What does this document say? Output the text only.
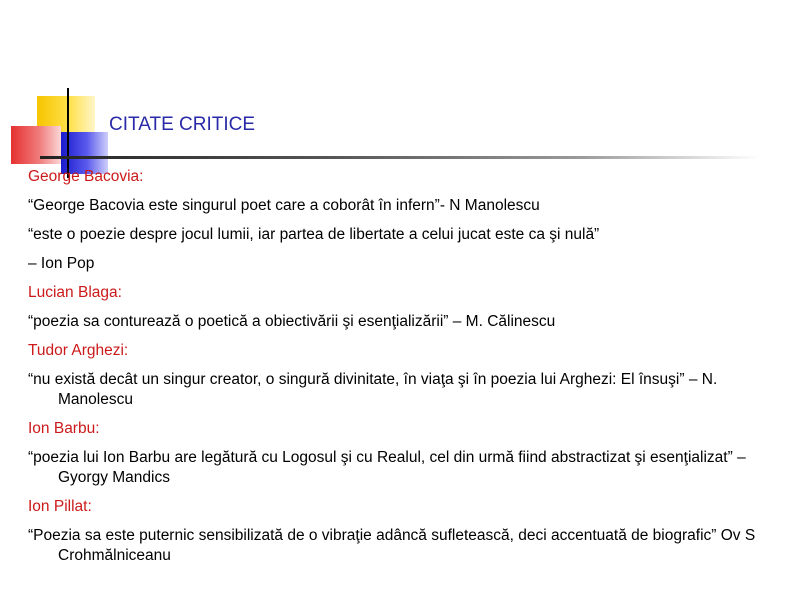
CITATE CRITICE
George Bacovia:
“George Bacovia este singurul poet care a coborât în infern”- N Manolescu
“este o poezie despre jocul lumii, iar partea de libertate a celui jucat este ca şi nulă”
– Ion Pop
Lucian Blaga:
“poezia sa conturează o poetică a obiectivării şi esenţializării” – M. Călinescu
Tudor Arghezi:
“nu există decât un singur creator, o singură divinitate, în viaţa şi în poezia lui Arghezi: El însuşi” – N. Manolescu
Ion Barbu:
“poezia lui Ion Barbu are legătură cu Logosul şi cu Realul, cel din urmă fiind abstractizat şi esenţializat” – Gyorgy Mandics
Ion Pillat:
“Poezia sa este puternic sensibilizată de o vibraţie adâncă sufletească, deci accentuată de biografic” Ov S Crohmălniceanu
